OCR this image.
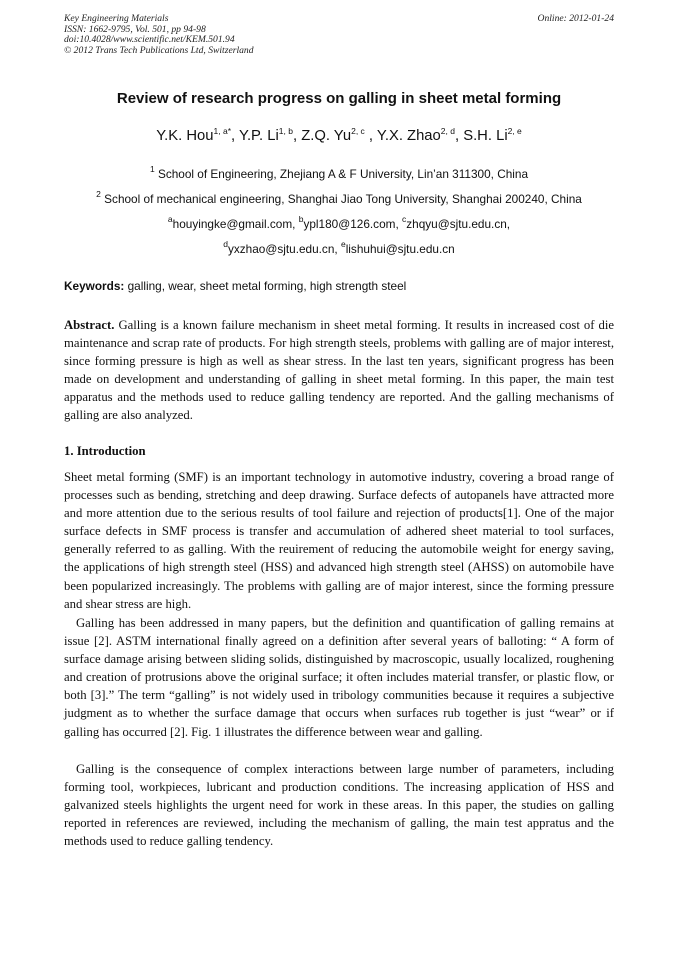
Key Engineering Materials
ISSN: 1662-9795, Vol. 501, pp 94-98
doi:10.4028/www.scientific.net/KEM.501.94
© 2012 Trans Tech Publications Ltd, Switzerland
Online: 2012-01-24
Review of research progress on galling in sheet metal forming
Y.K. Hou$^{1, a*}$, Y.P. Li$^{1, b}$, Z.Q. Yu$^{2, c}$ , Y.X. Zhao$^{2, d}$, S.H. Li$^{2, e}$
$^1$ School of Engineering, Zhejiang A & F University, Lin’an 311300, China
$^2$ School of mechanical engineering, Shanghai Jiao Tong University, Shanghai 200240, China
$^a$houyingke@gmail.com, $^b$ypl180@126.com, $^c$zhqyu@sjtu.edu.cn,
$^d$yxzhao@sjtu.edu.cn, $^e$lishuhui@sjtu.edu.cn
Keywords: galling, wear, sheet metal forming, high strength steel
Abstract. Galling is a known failure mechanism in sheet metal forming. It results in increased cost of die maintenance and scrap rate of products. For high strength steels, problems with galling are of major interest, since forming pressure is high as well as shear stress. In the last ten years, significant progress has been made on development and understanding of galling in sheet metal forming. In this paper, the main test apparatus and the methods used to reduce galling tendency are reported. And the galling mechanisms of galling are also analyzed.
1. Introduction
Sheet metal forming (SMF) is an important technology in automotive industry, covering a broad range of processes such as bending, stretching and deep drawing. Surface defects of autopanels have attracted more and more attention due to the serious results of tool failure and rejection of products[1]. One of the major surface defects in SMF process is transfer and accumulation of adhered sheet material to tool surfaces, generally referred to as galling. With the reuirement of reducing the automobile weight for energy saving, the applications of high strength steel (HSS) and advanced high strength steel (AHSS) on automobile have been popularized increasingly. The problems with galling are of major interest, since the forming pressure and shear stress are high.
Galling has been addressed in many papers, but the definition and quantification of galling remains at issue [2]. ASTM international finally agreed on a definition after several years of balloting: “ A form of surface damage arising between sliding solids, distinguished by macroscopic, usually localized, roughening and creation of protrusions above the original surface; it often includes material transfer, or plastic flow, or both [3].” The term “galling” is not widely used in tribology communities because it requires a subjective judgment as to whether the surface damage that occurs when surfaces rub together is just “wear” or if galling has occurred [2]. Fig. 1 illustrates the difference between wear and galling.
Galling is the consequence of complex interactions between large number of parameters, including forming tool, workpieces, lubricant and production conditions. The increasing application of HSS and galvanized steels highlights the urgent need for work in these areas. In this paper, the studies on galling reported in references are reviewed, including the mechanism of galling, the main test appratus and the methods used to reduce galling tendency.
